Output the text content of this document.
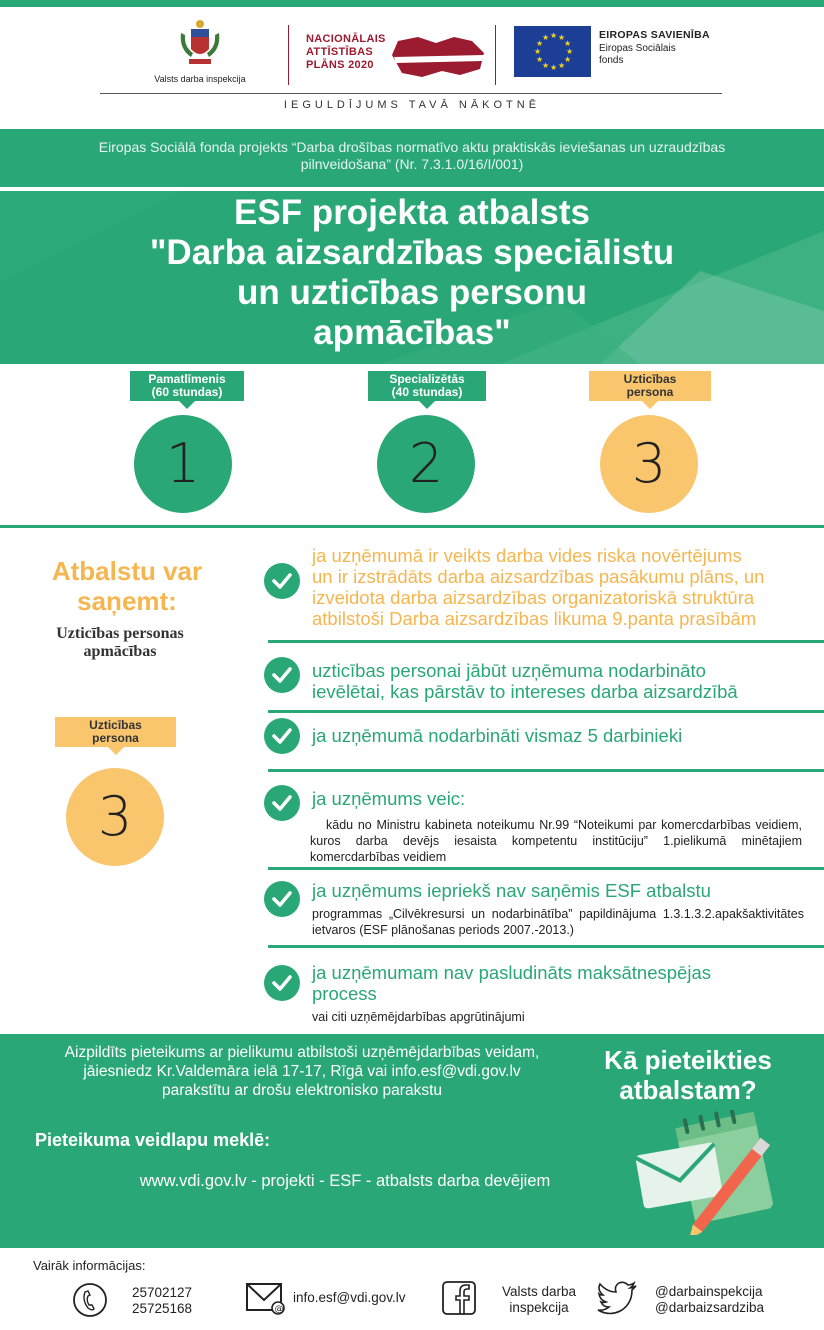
Valsts darba inspekcija
NACIONĀLAIS
ATTĪSTĪBAS
PLĀNS 2020
★ ★
★
★
★
★
★
★
★
★
★
★	EIROPAS SAVIENĪBA
Eiropas Sociālais
fonds
IEGULDĪJUMS TAVĀ NĀKOTNĒ
Eiropas Sociālā fonda projekts “Darba drošības normatīvo aktu praktiskās ieviešanas un uzraudzības pilnveidošana” (Nr. 7.3.1.0/16/I/001)
ESF projekta atbalsts
"Darba aizsardzības speciālistu
un uzticības personu
apmācības"
Pamatlīmenis
(60 stundas)
1
Specializētās
(40 stundas)
2
Uzticības
persona
3
Atbalstu var
saņemt:
Uzticības personas
apmācības
Uzticības
persona
3
ja uzņēmumā ir veikts darba vides riska novērtējums
un ir izstrādāts darba aizsardzības pasākumu plāns, un
izveidota darba aizsardzības organizatoriskā struktūra
atbilstoši Darba aizsardzības likuma 9.panta prasībām
uzticības personai jābūt uzņēmuma nodarbināto
ievēlētai, kas pārstāv to intereses darba aizsardzībā
ja uzņēmumā nodarbināti vismaz 5 darbinieki
ja uzņēmums veic:
kādu no Ministru kabineta noteikumu Nr.99 “Noteikumi par komercdarbības veidiem, kuros darba devējs iesaista kompetentu institūciju” 1.pielikumā minētajiem komercdarbības veidiem
ja uzņēmums iepriekš nav saņēmis ESF atbalstu
programmas „Cilvēkresursi un nodarbinātība” papildinājuma 1.3.1.3.2.apakšaktivitātes ietvaros (ESF plānošanas periods 2007.-2013.)
ja uzņēmumam nav pasludināts maksātnespējas
process
vai citi uzņēmējdarbības apgrūtinājumi
Aizpildīts pieteikums ar pielikumu atbilstoši uzņēmējdarbības veidam,
jāiesniedz Kr.Valdemāra ielā 17-17, Rīgā vai info.esf@vdi.gov.lv
parakstītu ar drošu elektronisko parakstu
Kā pieteikties
atbalstam?
Pieteikuma veidlapu meklē:
www.vdi.gov.lv - projekti - ESF - atbalsts darba devējiem
Vairāk informācijas:
25702127
25725168	@
info.esf@vdi.gov.lv	Valsts darba
inspekcija
@darbainspekcija
@darbaizsardziba
